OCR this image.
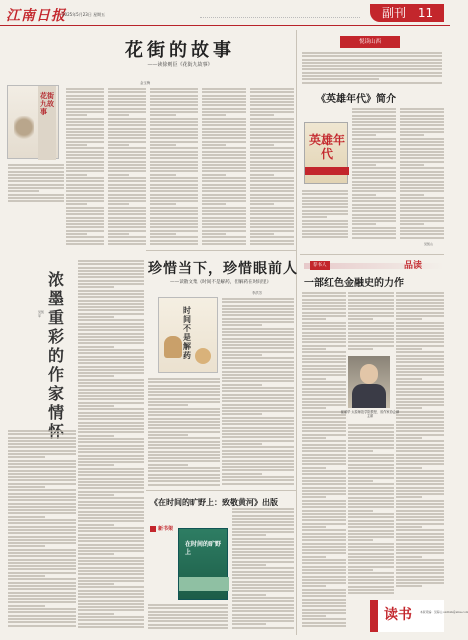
江南日报
2025年5月23日 星期五	副刊 11
花街的故事
——读徐则臣《花街九故事》
金玉梅
花街九故事
浓墨重彩的作家情
吴凯军
珍惜当下，珍惜眼前人
——读散文集《时间不是解药，但解药在时间里》
李洪芳
时间不是解药
《在时间的旷野上：致敬黄河》出版
新书架
在时间的旷野上
悦读山西
《英雄年代》简介
英雄年代
吴凯山
荐书人	品读
一部红色金融史的力作
崔丽华 太原师范学院教授、省作家协会副主席
读书	本版责编：吴海山 sxdbzk@sina.com
